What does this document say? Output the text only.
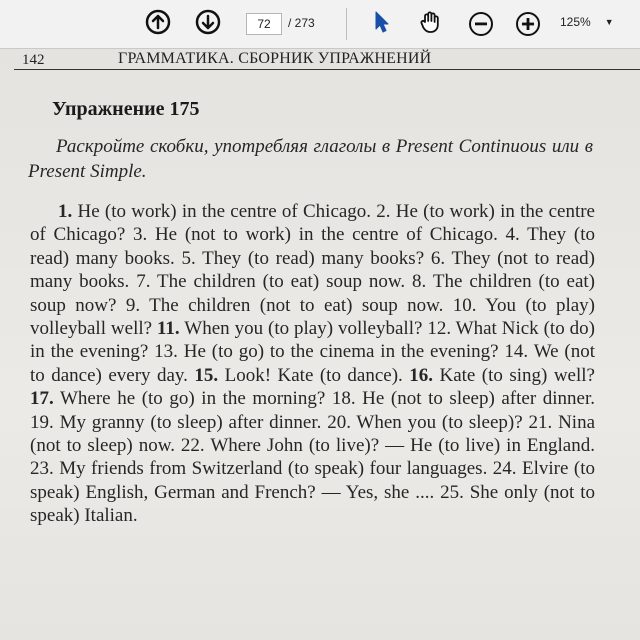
72	/ 273	125% ▼
142	ГРАММАТИКА. СБОРНИК УПРАЖНЕНИЙ
Упражнение 175

Раскройте скобки, употребляя глаголы в Present Continuous или в Present Simple.

1. He (to work) in the centre of Chicago. 2. He (to work) in the centre of Chicago? 3. He (not to work) in the centre of Chicago. 4. They (to read) many books. 5. They (to read) many books? 6. They (not to read) many books. 7. The children (to eat) soup now. 8. The children (to eat) soup now? 9. The children (not to eat) soup now. 10. You (to play) volleyball well? 11. When you (to play) volleyball? 12. What Nick (to do) in the evening? 13. He (to go) to the cinema in the evening? 14. We (not to dance) every day. 15. Look! Kate (to dance). 16. Kate (to sing) well? 17. Where he (to go) in the morning? 18. He (not to sleep) after dinner. 19. My granny (to sleep) after dinner. 20. When you (to sleep)? 21. Nina (not to sleep) now. 22. Where John (to live)? — He (to live) in England. 23. My friends from Switzerland (to speak) four languages. 24. Elvire (to speak) English, German and French? — Yes, she .... 25. She only (not to speak) Italian.
